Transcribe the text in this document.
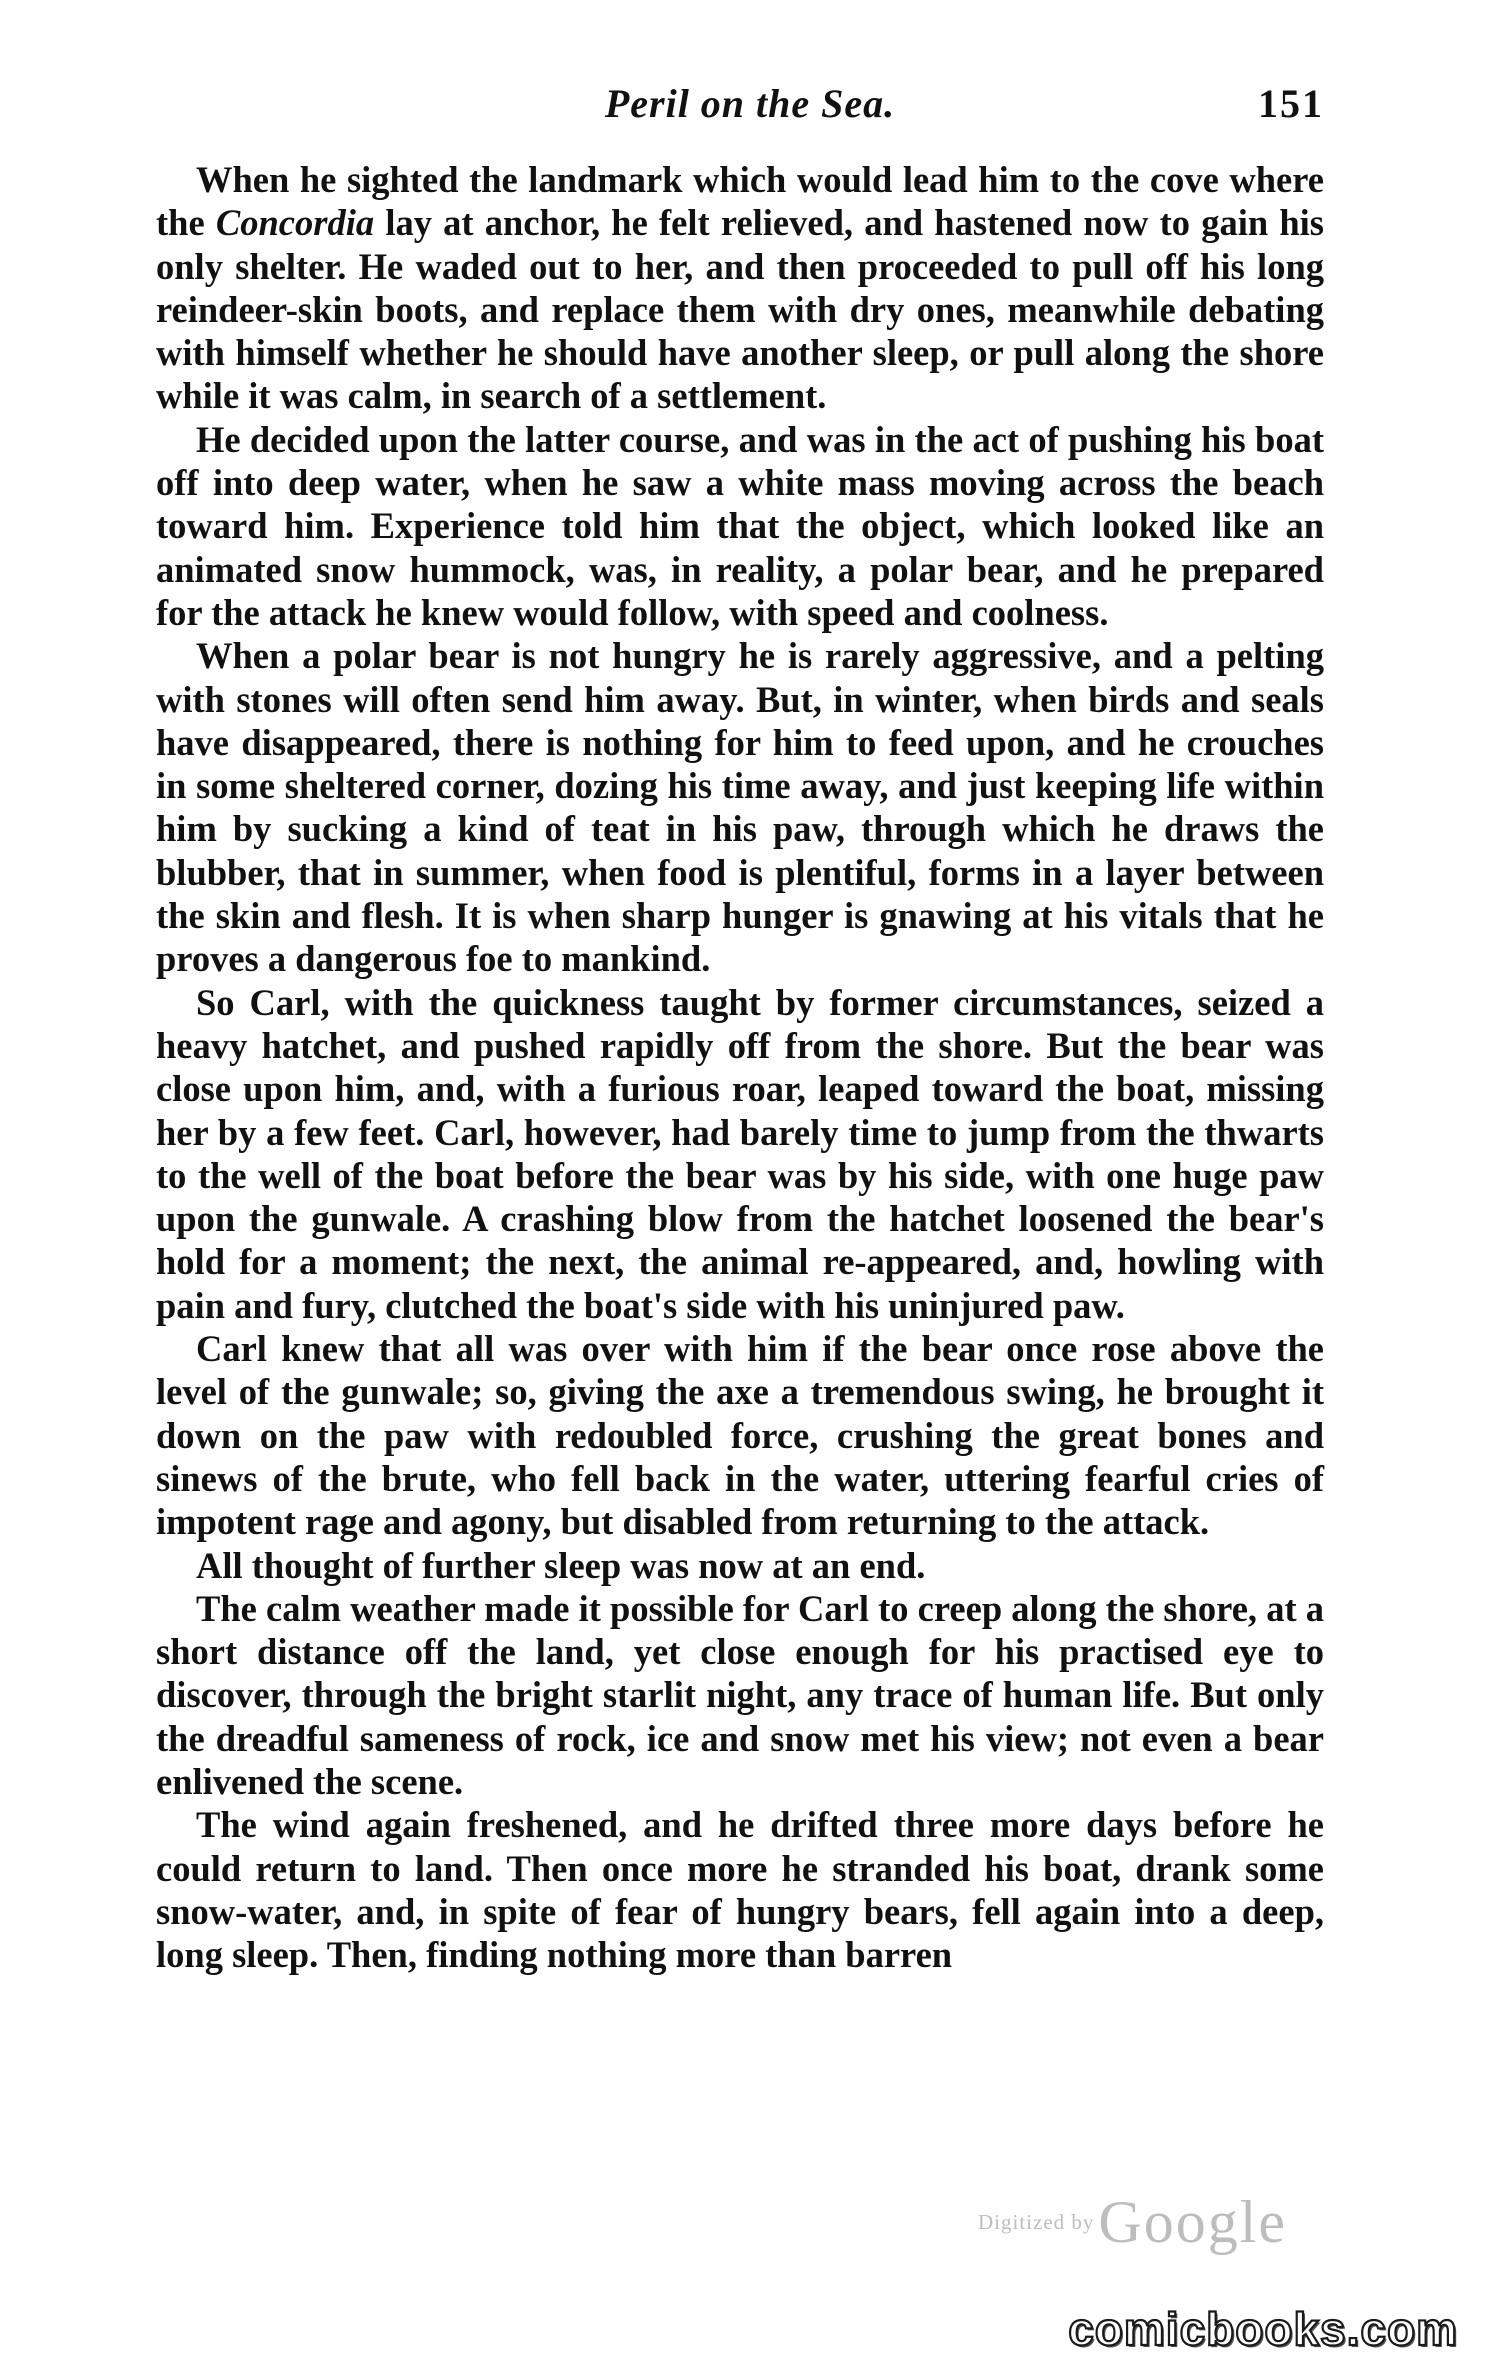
Peril on the Sea.	151

When he sighted the landmark which would lead him to the cove where the Concordia lay at anchor, he felt relieved, and hastened now to gain his only shelter. He waded out to her, and then proceeded to pull off his long reindeer-skin boots, and replace them with dry ones, meanwhile debating with himself whether he should have another sleep, or pull along the shore while it was calm, in search of a settlement.

He decided upon the latter course, and was in the act of pushing his boat off into deep water, when he saw a white mass moving across the beach toward him. Experience told him that the object, which looked like an animated snow hummock, was, in reality, a polar bear, and he prepared for the attack he knew would follow, with speed and coolness.

When a polar bear is not hungry he is rarely aggressive, and a pelting with stones will often send him away. But, in winter, when birds and seals have disappeared, there is nothing for him to feed upon, and he crouches in some sheltered corner, dozing his time away, and just keeping life within him by sucking a kind of teat in his paw, through which he draws the blubber, that in summer, when food is plentiful, forms in a layer between the skin and flesh. It is when sharp hunger is gnawing at his vitals that he proves a dangerous foe to mankind.

So Carl, with the quickness taught by former circumstances, seized a heavy hatchet, and pushed rapidly off from the shore. But the bear was close upon him, and, with a furious roar, leaped toward the boat, missing her by a few feet. Carl, however, had barely time to jump from the thwarts to the well of the boat before the bear was by his side, with one huge paw upon the gunwale. A crashing blow from the hatchet loosened the bear's hold for a moment; the next, the animal re-appeared, and, howling with pain and fury, clutched the boat's side with his uninjured paw.

Carl knew that all was over with him if the bear once rose above the level of the gunwale; so, giving the axe a tremendous swing, he brought it down on the paw with redoubled force, crushing the great bones and sinews of the brute, who fell back in the water, uttering fearful cries of impotent rage and agony, but disabled from returning to the attack.

All thought of further sleep was now at an end.

The calm weather made it possible for Carl to creep along the shore, at a short distance off the land, yet close enough for his practised eye to discover, through the bright starlit night, any trace of human life. But only the dreadful sameness of rock, ice and snow met his view; not even a bear enlivened the scene.

The wind again freshened, and he drifted three more days before he could return to land. Then once more he stranded his boat, drank some snow-water, and, in spite of fear of hungry bears, fell again into a deep, long sleep. Then, finding nothing more than barren

Digitized by Google
comicbooks.com
